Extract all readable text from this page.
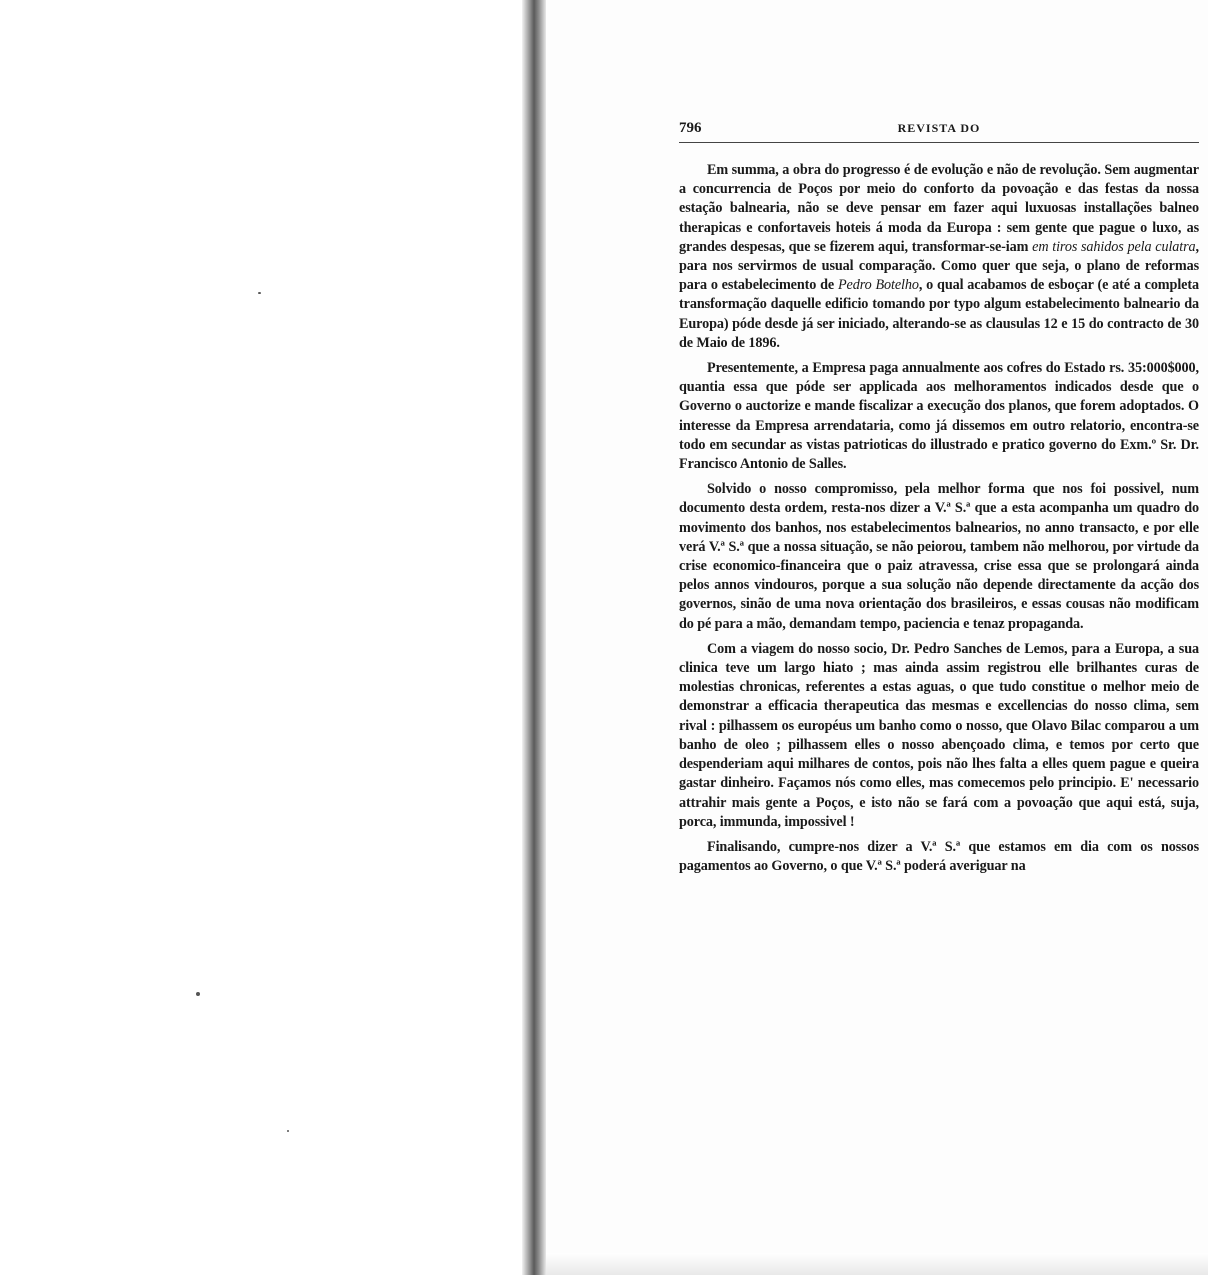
796	REVISTA DO

Em summa, a obra do progresso é de evolução e não de revolução. Sem augmentar a concurrencia de Poços por meio do conforto da povoação e das festas da nossa estação balnearia, não se deve pensar em fazer aqui luxuosas installações balneo therapicas e confortaveis hoteis á moda da Europa : sem gente que pague o luxo, as grandes despesas, que se fizerem aqui, transformar-se-iam em tiros sahidos pela culatra, para nos servirmos de usual comparação. Como quer que seja, o plano de reformas para o estabelecimento de Pedro Botelho, o qual acabamos de esboçar (e até a completa transformação daquelle edificio tomando por typo algum estabelecimento balneario da Europa) póde desde já ser iniciado, alterando-se as clausulas 12 e 15 do contracto de 30 de Maio de 1896.

Presentemente, a Empresa paga annualmente aos cofres do Estado rs. 35:000$000, quantia essa que póde ser applicada aos melhoramentos indicados desde que o Governo o auctorize e mande fiscalizar a execução dos planos, que forem adoptados. O interesse da Empresa arrendataria, como já dissemos em outro relatorio, encontra-se todo em secundar as vistas patrioticas do illustrado e pratico governo do Exm.º Sr. Dr. Francisco Antonio de Salles.

Solvido o nosso compromisso, pela melhor forma que nos foi possivel, num documento desta ordem, resta-nos dizer a V.ª S.ª que a esta acompanha um quadro do movimento dos banhos, nos estabelecimentos balnearios, no anno transacto, e por elle verá V.ª S.ª que a nossa situação, se não peiorou, tambem não melhorou, por virtude da crise economico-financeira que o paiz atravessa, crise essa que se prolongará ainda pelos annos vindouros, porque a sua solução não depende directamente da acção dos governos, sinão de uma nova orientação dos brasileiros, e essas cousas não modificam do pé para a mão, demandam tempo, paciencia e tenaz propaganda.

Com a viagem do nosso socio, Dr. Pedro Sanches de Lemos, para a Europa, a sua clinica teve um largo hiato ; mas ainda assim registrou elle brilhantes curas de molestias chronicas, referentes a estas aguas, o que tudo constitue o melhor meio de demonstrar a efficacia therapeutica das mesmas e excellencias do nosso clima, sem rival : pilhassem os européus um banho como o nosso, que Olavo Bilac comparou a um banho de oleo ; pilhassem elles o nosso abençoado clima, e temos por certo que despenderiam aqui milhares de contos, pois não lhes falta a elles quem pague e queira gastar dinheiro. Façamos nós como elles, mas comecemos pelo principio. E' necessario attrahir mais gente a Poços, e isto não se fará com a povoação que aqui está, suja, porca, immunda, impossivel !

Finalisando, cumpre-nos dizer a V.ª S.ª que estamos em dia com os nossos pagamentos ao Governo, o que V.ª S.ª poderá averiguar na
